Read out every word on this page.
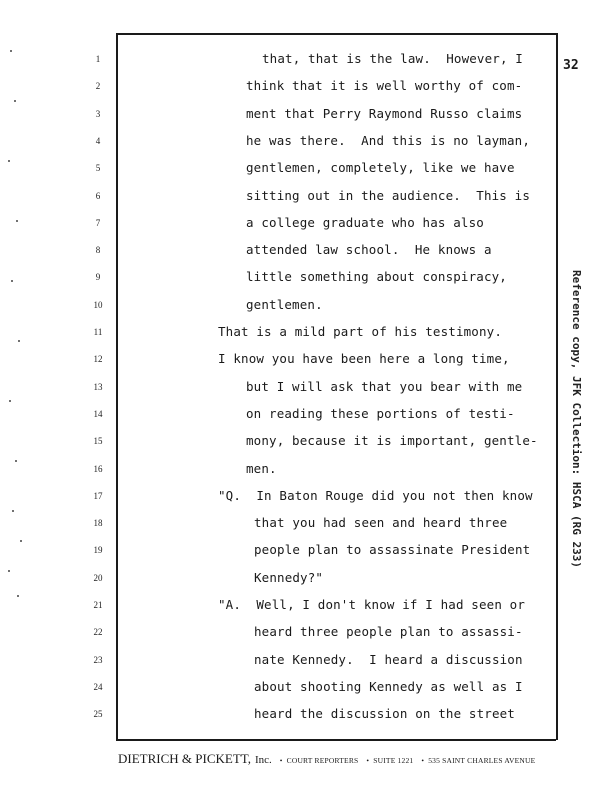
32
1	that, that is the law.  However, I
2	think that it is well worthy of com-
3	ment that Perry Raymond Russo claims
4	he was there.  And this is no layman,
5	gentlemen, completely, like we have
6	sitting out in the audience.  This is
7	a college graduate who has also
8	attended law school.  He knows a
9	little something about conspiracy,
10	gentlemen.
11	That is a mild part of his testimony.
12	I know you have been here a long time,
13	but I will ask that you bear with me
14	on reading these portions of testi-
15	mony, because it is important, gentle-
16	men.
17	"Q.  In Baton Rouge did you not then know
18	that you had seen and heard three
19	people plan to assassinate President
20	Kennedy?"
21	"A.  Well, I don't know if I had seen or
22	heard three people plan to assassi-
23	nate Kennedy.  I heard a discussion
24	about shooting Kennedy as well as I
25	heard the discussion on the street
Reference copy, JFK Collection: HSCA (RG 233)
DIETRICH & PICKETT, Inc. • COURT REPORTERS • SUITE 1221 • 535 SAINT CHARLES AVENUE
